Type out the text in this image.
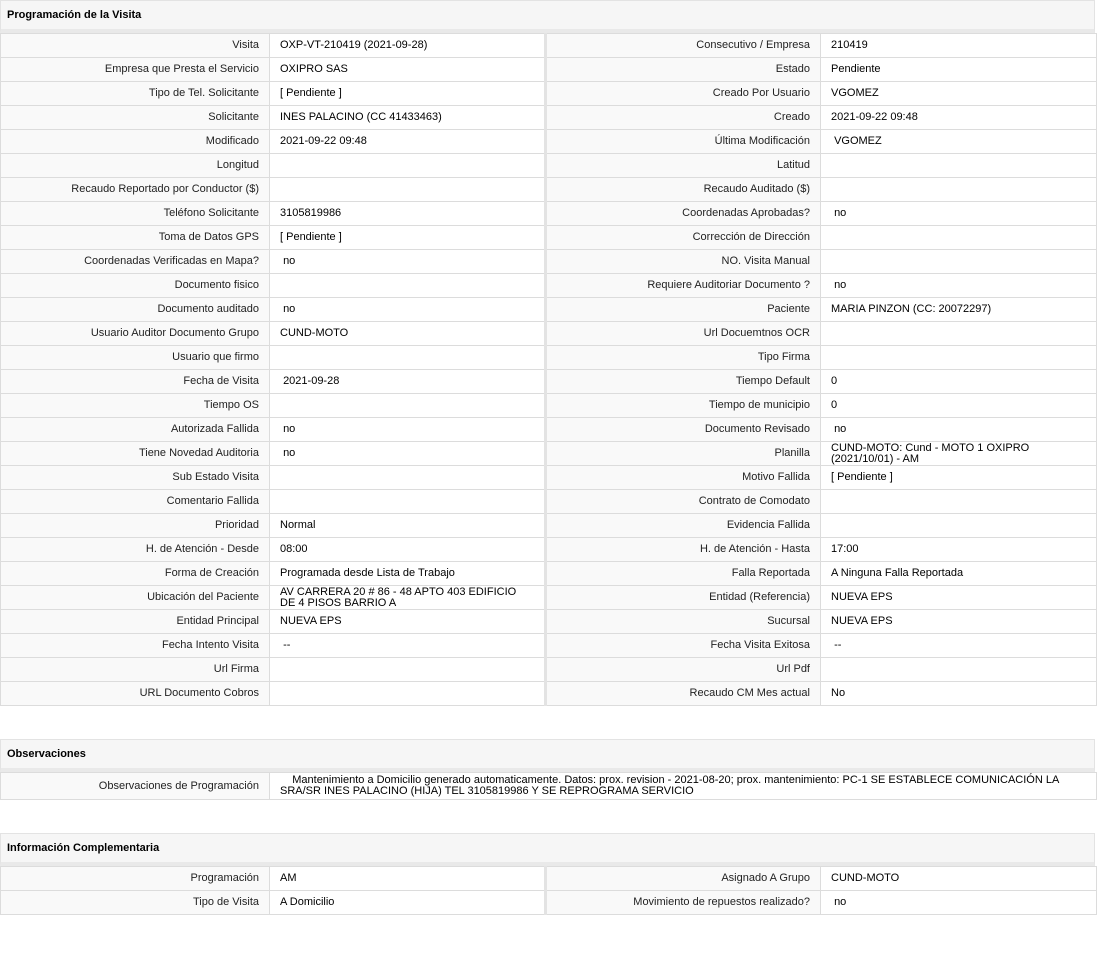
Programación de la Visita
Visita	OXP-VT-210419 (2021-09-28)	Consecutivo / Empresa	210419
Empresa que Presta el Servicio	OXIPRO SAS	Estado	Pendiente
Tipo de Tel. Solicitante	[ Pendiente ]	Creado Por Usuario	VGOMEZ
Solicitante	INES PALACINO (CC 41433463)	Creado	2021-09-22 09:48
Modificado	2021-09-22 09:48	Última Modificación	VGOMEZ
Longitud		Latitud	
Recaudo Reportado por Conductor ($)		Recaudo Auditado ($)	
Teléfono Solicitante	3105819986	Coordenadas Aprobadas?	no
Toma de Datos GPS	[ Pendiente ]	Corrección de Dirección	
Coordenadas Verificadas en Mapa?	no	NO. Visita Manual	
Documento fisico		Requiere Auditoriar Documento ?	no
Documento auditado	no	Paciente	MARIA PINZON (CC: 20072297)
Usuario Auditor Documento Grupo	CUND-MOTO	Url Docuemtnos OCR	
Usuario que firmo		Tipo Firma	
Fecha de Visita	2021-09-28	Tiempo Default	0
Tiempo OS		Tiempo de municipio	0
Autorizada Fallida	no	Documento Revisado	no
Tiene Novedad Auditoria	no	Planilla	CUND-MOTO: Cund - MOTO 1 OXIPRO (2021/10/01) - AM
Sub Estado Visita		Motivo Fallida	[ Pendiente ]
Comentario Fallida		Contrato de Comodato	
Prioridad	Normal	Evidencia Fallida	
H. de Atención - Desde	08:00	H. de Atención - Hasta	17:00
Forma de Creación	Programada desde Lista de Trabajo	Falla Reportada	A Ninguna Falla Reportada
Ubicación del Paciente	AV CARRERA 20 # 86 - 48 APTO 403 EDIFICIO DE 4 PISOS BARRIO A	Entidad (Referencia)	NUEVA EPS
Entidad Principal	NUEVA EPS	Sucursal	NUEVA EPS
Fecha Intento Visita	--	Fecha Visita Exitosa	--
Url Firma		Url Pdf	
URL Documento Cobros		Recaudo CM Mes actual	No
Observaciones
Observaciones de Programación	Mantenimiento a Domicilio generado automaticamente. Datos: prox. revision - 2021-08-20; prox. mantenimiento: PC-1 SE ESTABLECE COMUNICACIÓN LA SRA/SR INES PALACINO (HIJA) TEL 3105819986 Y SE REPROGRAMA SERVICIO
Información Complementaria
Programación	AM	Asignado A Grupo	CUND-MOTO
Tipo de Visita	A Domicilio	Movimiento de repuestos realizado?	no
